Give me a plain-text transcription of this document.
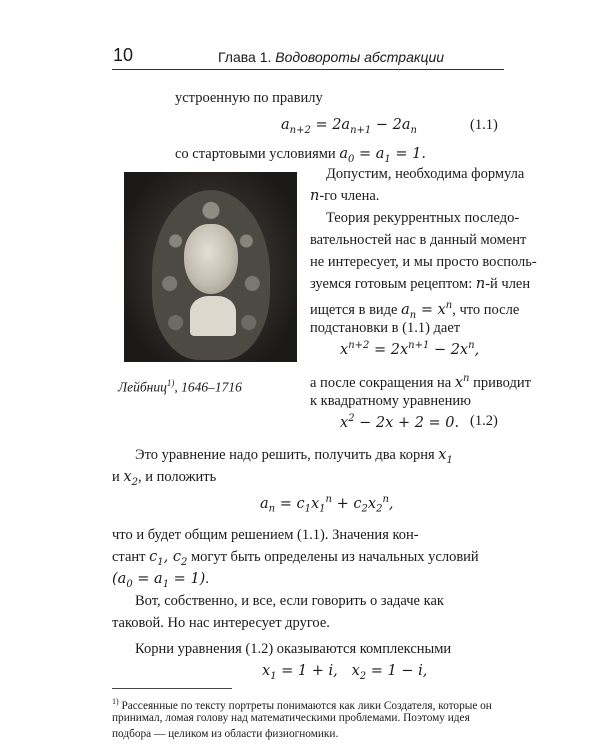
10	Глава 1. Водовороты абстракции
устроенную по правилу
$a_{n+2} = 2a_{n+1} - 2a_n$	(1.1)
со стартовыми условиями $a_0 = a_1 = 1$.
Лейбниц$^{1)}$, 1646–1716
Допустим, необходима формула
n-го члена.
Теория рекуррентных последо-
вательностей нас в данный момент
не интересует, и мы просто восполь-
зуемся готовым рецептом: n-й член
ищется в виде $a_n = x^n$, что после
подстановки в (1.1) дает
$x^{n+2} = 2x^{n+1} - 2x^n$,
а после сокращения на $x^n$ приводит
к квадратному уравнению
$x^2 - 2x + 2 = 0$. (1.2)
Это уравнение надо решить, получить два корня $x_1$
и $x_2$, и положить
$a_n = c_1x_1^n + c_2x_2^n$,
что и будет общим решением (1.1). Значения кон-
стант $c_1$, $c_2$ могут быть определены из начальных условий
$(a_0 = a_1 = 1)$.
Вот, собственно, и все, если говорить о задаче как
таковой. Но нас интересует другое.
Корни уравнения (1.2) оказываются комплексными
$x_1 = 1 + i$,   $x_2 = 1 - i$,
$^{1)}$ Рассеянные по тексту портреты понимаются как лики Создателя, которые он
принимал, ломая голову над математическими проблемами. Поэтому идея
подбора — целиком из области физиогномики.
